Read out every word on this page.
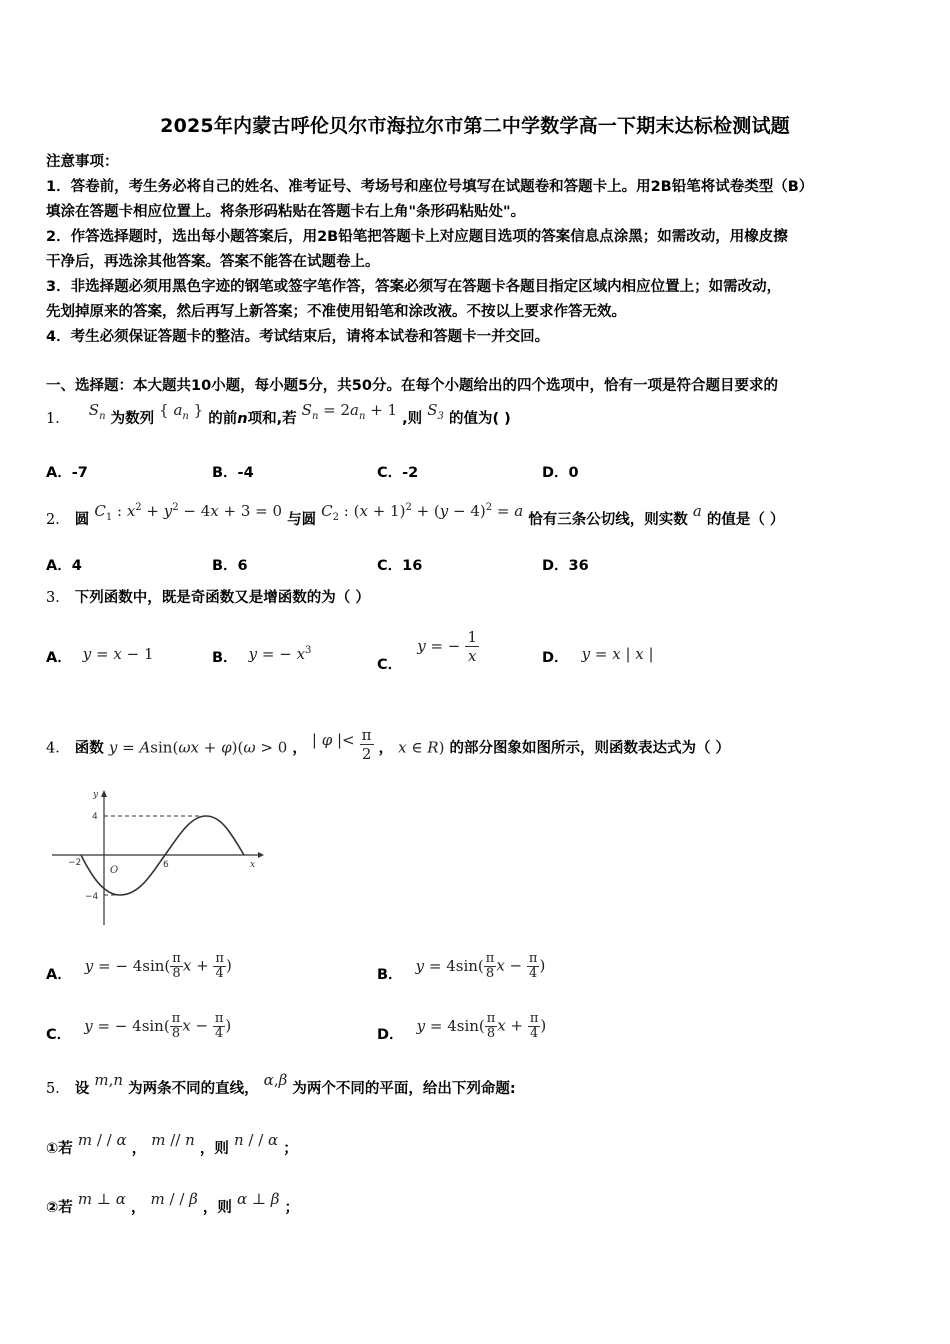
2025年内蒙古呼伦贝尔市海拉尔市第二中学数学高一下期末达标检测试题
注意事项：
1．答卷前，考生务必将自己的姓名、准考证号、考场号和座位号填写在试题卷和答题卡上。用2B铅笔将试卷类型（B）
填涂在答题卡相应位置上。将条形码粘贴在答题卡右上角"条形码粘贴处"。
2．作答选择题时，选出每小题答案后，用2B铅笔把答题卡上对应题目选项的答案信息点涂黑；如需改动，用橡皮擦
干净后，再选涂其他答案。答案不能答在试题卷上。
3．非选择题必须用黑色字迹的钢笔或签字笔作答，答案必须写在答题卡各题目指定区域内相应位置上；如需改动，
先划掉原来的答案，然后再写上新答案；不准使用铅笔和涂改液。不按以上要求作答无效。
4．考生必须保证答题卡的整洁。考试结束后，请将本试卷和答题卡一并交回。
一、选择题：本大题共10小题，每小题5分，共50分。在每个小题给出的四个选项中，恰有一项是符合题目要求的
1． $S_n$ 为数列 { $a_n$ } 的前n项和,若 $S_n = 2a_n + 1$ ,则 $S_3$ 的值为( )
A．-7	B．-4	C．-2	D．0
2． 圆 $C_1$ : $x^2 + y^2 - 4x + 3 = 0$ 与圆 $C_2$ : $(x + 1)^2 + (y - 4)^2 = a$ 恰有三条公切线，则实数 a 的值是（ ）
A．4	B．6	C．16	D．36
3． 下列函数中，既是奇函数又是增函数的为（ ）
A． y = x − 1	B． y = − $x^3$
C． y = − $\frac{1}{x}$	D． y = x | x |
4． 函数 y = Asin(ωx + φ)(ω > 0 ， | φ |< $\frac{\pi}{2}$ ， x ∈ R) 的部分图象如图所示，则函数表达式为（ ）
y
x
O
−2	6
4
−4
A． y = − $4\sin( \frac{\pi}{8}$ $x + \frac{\pi}{4}$ )	B． $y = 4\sin( \frac{\pi}{8}$ $x - \frac{\pi}{4}$ )
C． y = − $4\sin( \frac{\pi}{8}$ $x - \frac{\pi}{4}$ )	D． $y = 4\sin( \frac{\pi}{8}$ $x + \frac{\pi}{4}$ )
5． 设 m,n 为两条不同的直线， α,β 为两个不同的平面，给出下列命题:
①若 m / / α ， m // n ，则 n / / α ；
②若 m ⊥ α ， m / / β ，则 α ⊥ β ；
